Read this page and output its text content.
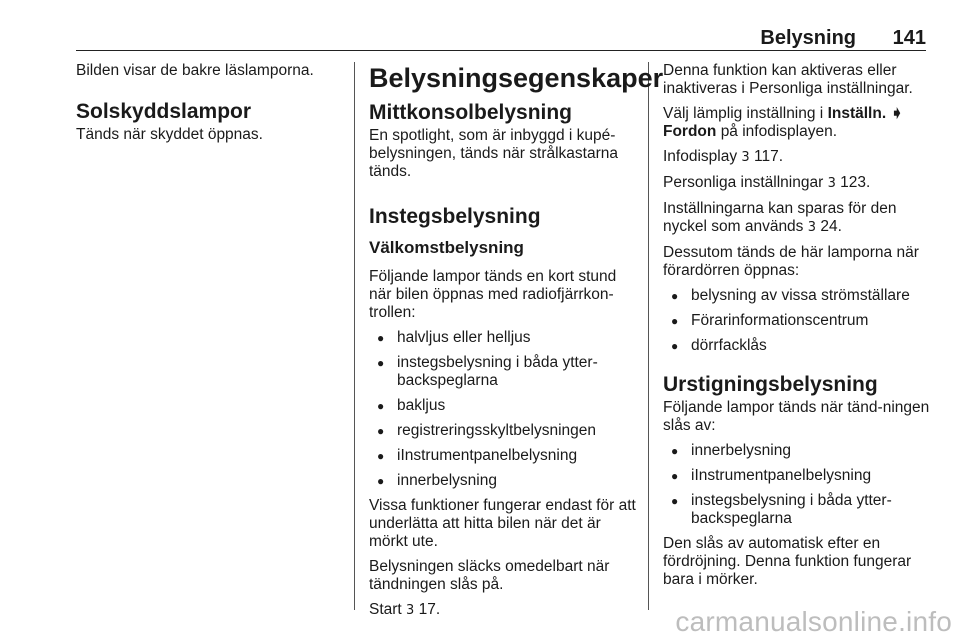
Belysning 141

Bilden visar de bakre läslamporna.

Solskyddslampor

Tänds när skyddet öppnas.

Belysningsegenskaper
Mittkonsolbelysning

En spotlight, som är inbyggd i kupé-belysningen, tänds när strålkastarna tänds.

Instegsbelysning
Välkomstbelysning

Följande lampor tänds en kort stund när bilen öppnas med radiofjärrkon-trollen:

● halvljus eller helljus
● instegsbelysning i båda ytter-backspeglarna
● bakljus
● registreringsskyltbelysningen
● iInstrumentpanelbelysning
● innerbelysning

Vissa funktioner fungerar endast för att underlätta att hitta bilen när det är mörkt ute.

Belysningen släcks omedelbart när tändningen slås på.

Start 3 17.

Denna funktion kan aktiveras eller inaktiveras i Personliga inställningar.

Välj lämplig inställning i Inställn. ➧ Fordon på infodisplayen.

Infodisplay 3 117.

Personliga inställningar 3 123.

Inställningarna kan sparas för den nyckel som används 3 24.

Dessutom tänds de här lamporna när förardörren öppnas:

● belysning av vissa strömställare
● Förarinformationscentrum
● dörrfacklås
Urstigningsbelysning

Följande lampor tänds när tänd-ningen slås av:

● innerbelysning
● iInstrumentpanelbelysning
● instegsbelysning i båda ytter-backspeglarna

Den slås av automatisk efter en fördröjning. Denna funktion fungerar bara i mörker.

carmanualsonline.info
